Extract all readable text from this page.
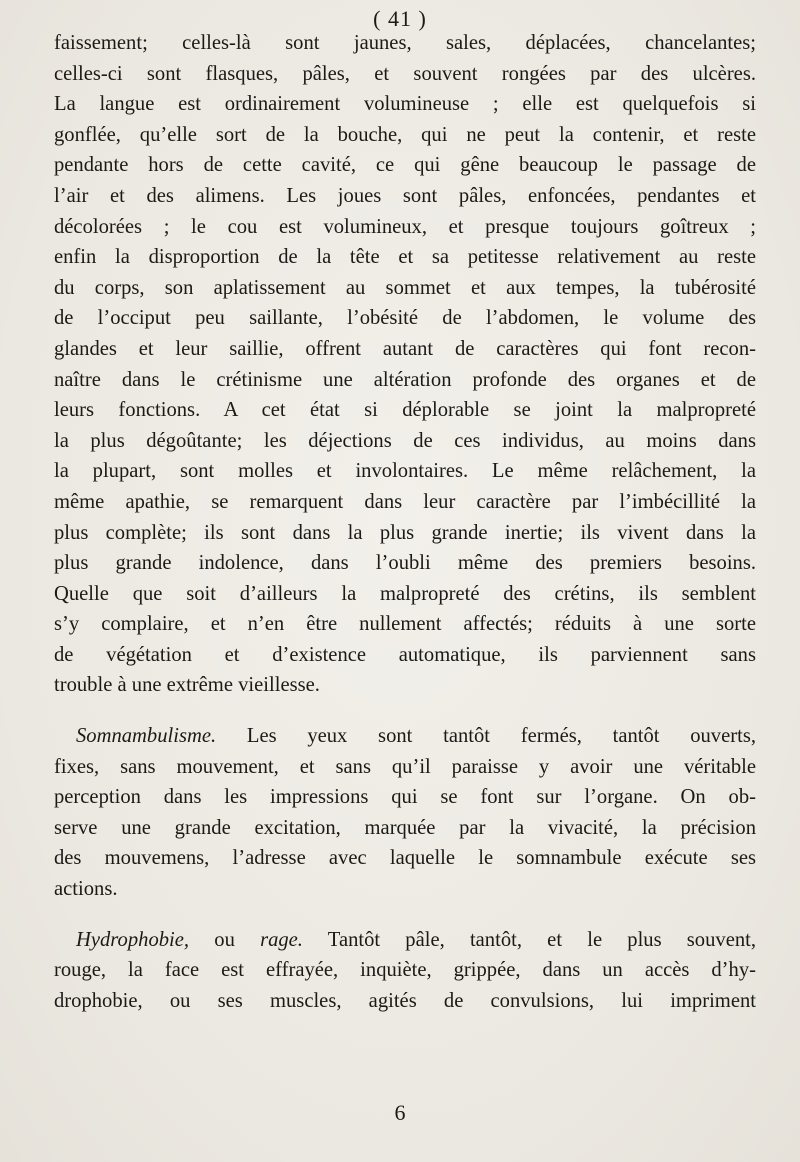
( 41 )
faissement; celles-là sont jaunes, sales, déplacées, chancelantes;
celles-ci sont flasques, pâles, et souvent rongées par des ulcères.
La langue est ordinairement volumineuse ; elle est quelquefois si
gonflée, qu’elle sort de la bouche, qui ne peut la contenir, et reste
pendante hors de cette cavité, ce qui gêne beaucoup le passage de
l’air et des alimens. Les joues sont pâles, enfoncées, pendantes et
décolorées ; le cou est volumineux, et presque toujours goîtreux ;
enfin la disproportion de la tête et sa petitesse relativement au reste
du corps, son aplatissement au sommet et aux tempes, la tubérosité
de l’occiput peu saillante, l’obésité de l’abdomen, le volume des
glandes et leur saillie, offrent autant de caractères qui font recon-
naître dans le crétinisme une altération profonde des organes et de
leurs fonctions. A cet état si déplorable se joint la malpropreté
la plus dégoûtante; les déjections de ces individus, au moins dans
la plupart, sont molles et involontaires. Le même relâchement, la
même apathie, se remarquent dans leur caractère par l’imbécillité la
plus complète; ils sont dans la plus grande inertie; ils vivent dans la
plus grande indolence, dans l’oubli même des premiers besoins.
Quelle que soit d’ailleurs la malpropreté des crétins, ils semblent
s’y complaire, et n’en être nullement affectés; réduits à une sorte
de végétation et d’existence automatique, ils parviennent sans
trouble à une extrême vieillesse.
Somnambulisme. Les yeux sont tantôt fermés, tantôt ouverts,
fixes, sans mouvement, et sans qu’il paraisse y avoir une véritable
perception dans les impressions qui se font sur l’organe. On ob-
serve une grande excitation, marquée par la vivacité, la précision
des mouvemens, l’adresse avec laquelle le somnambule exécute ses
actions.
Hydrophobie, ou rage. Tantôt pâle, tantôt, et le plus souvent,
rouge, la face est effrayée, inquiète, grippée, dans un accès d’hy-
drophobie, ou ses muscles, agités de convulsions, lui impriment
6
